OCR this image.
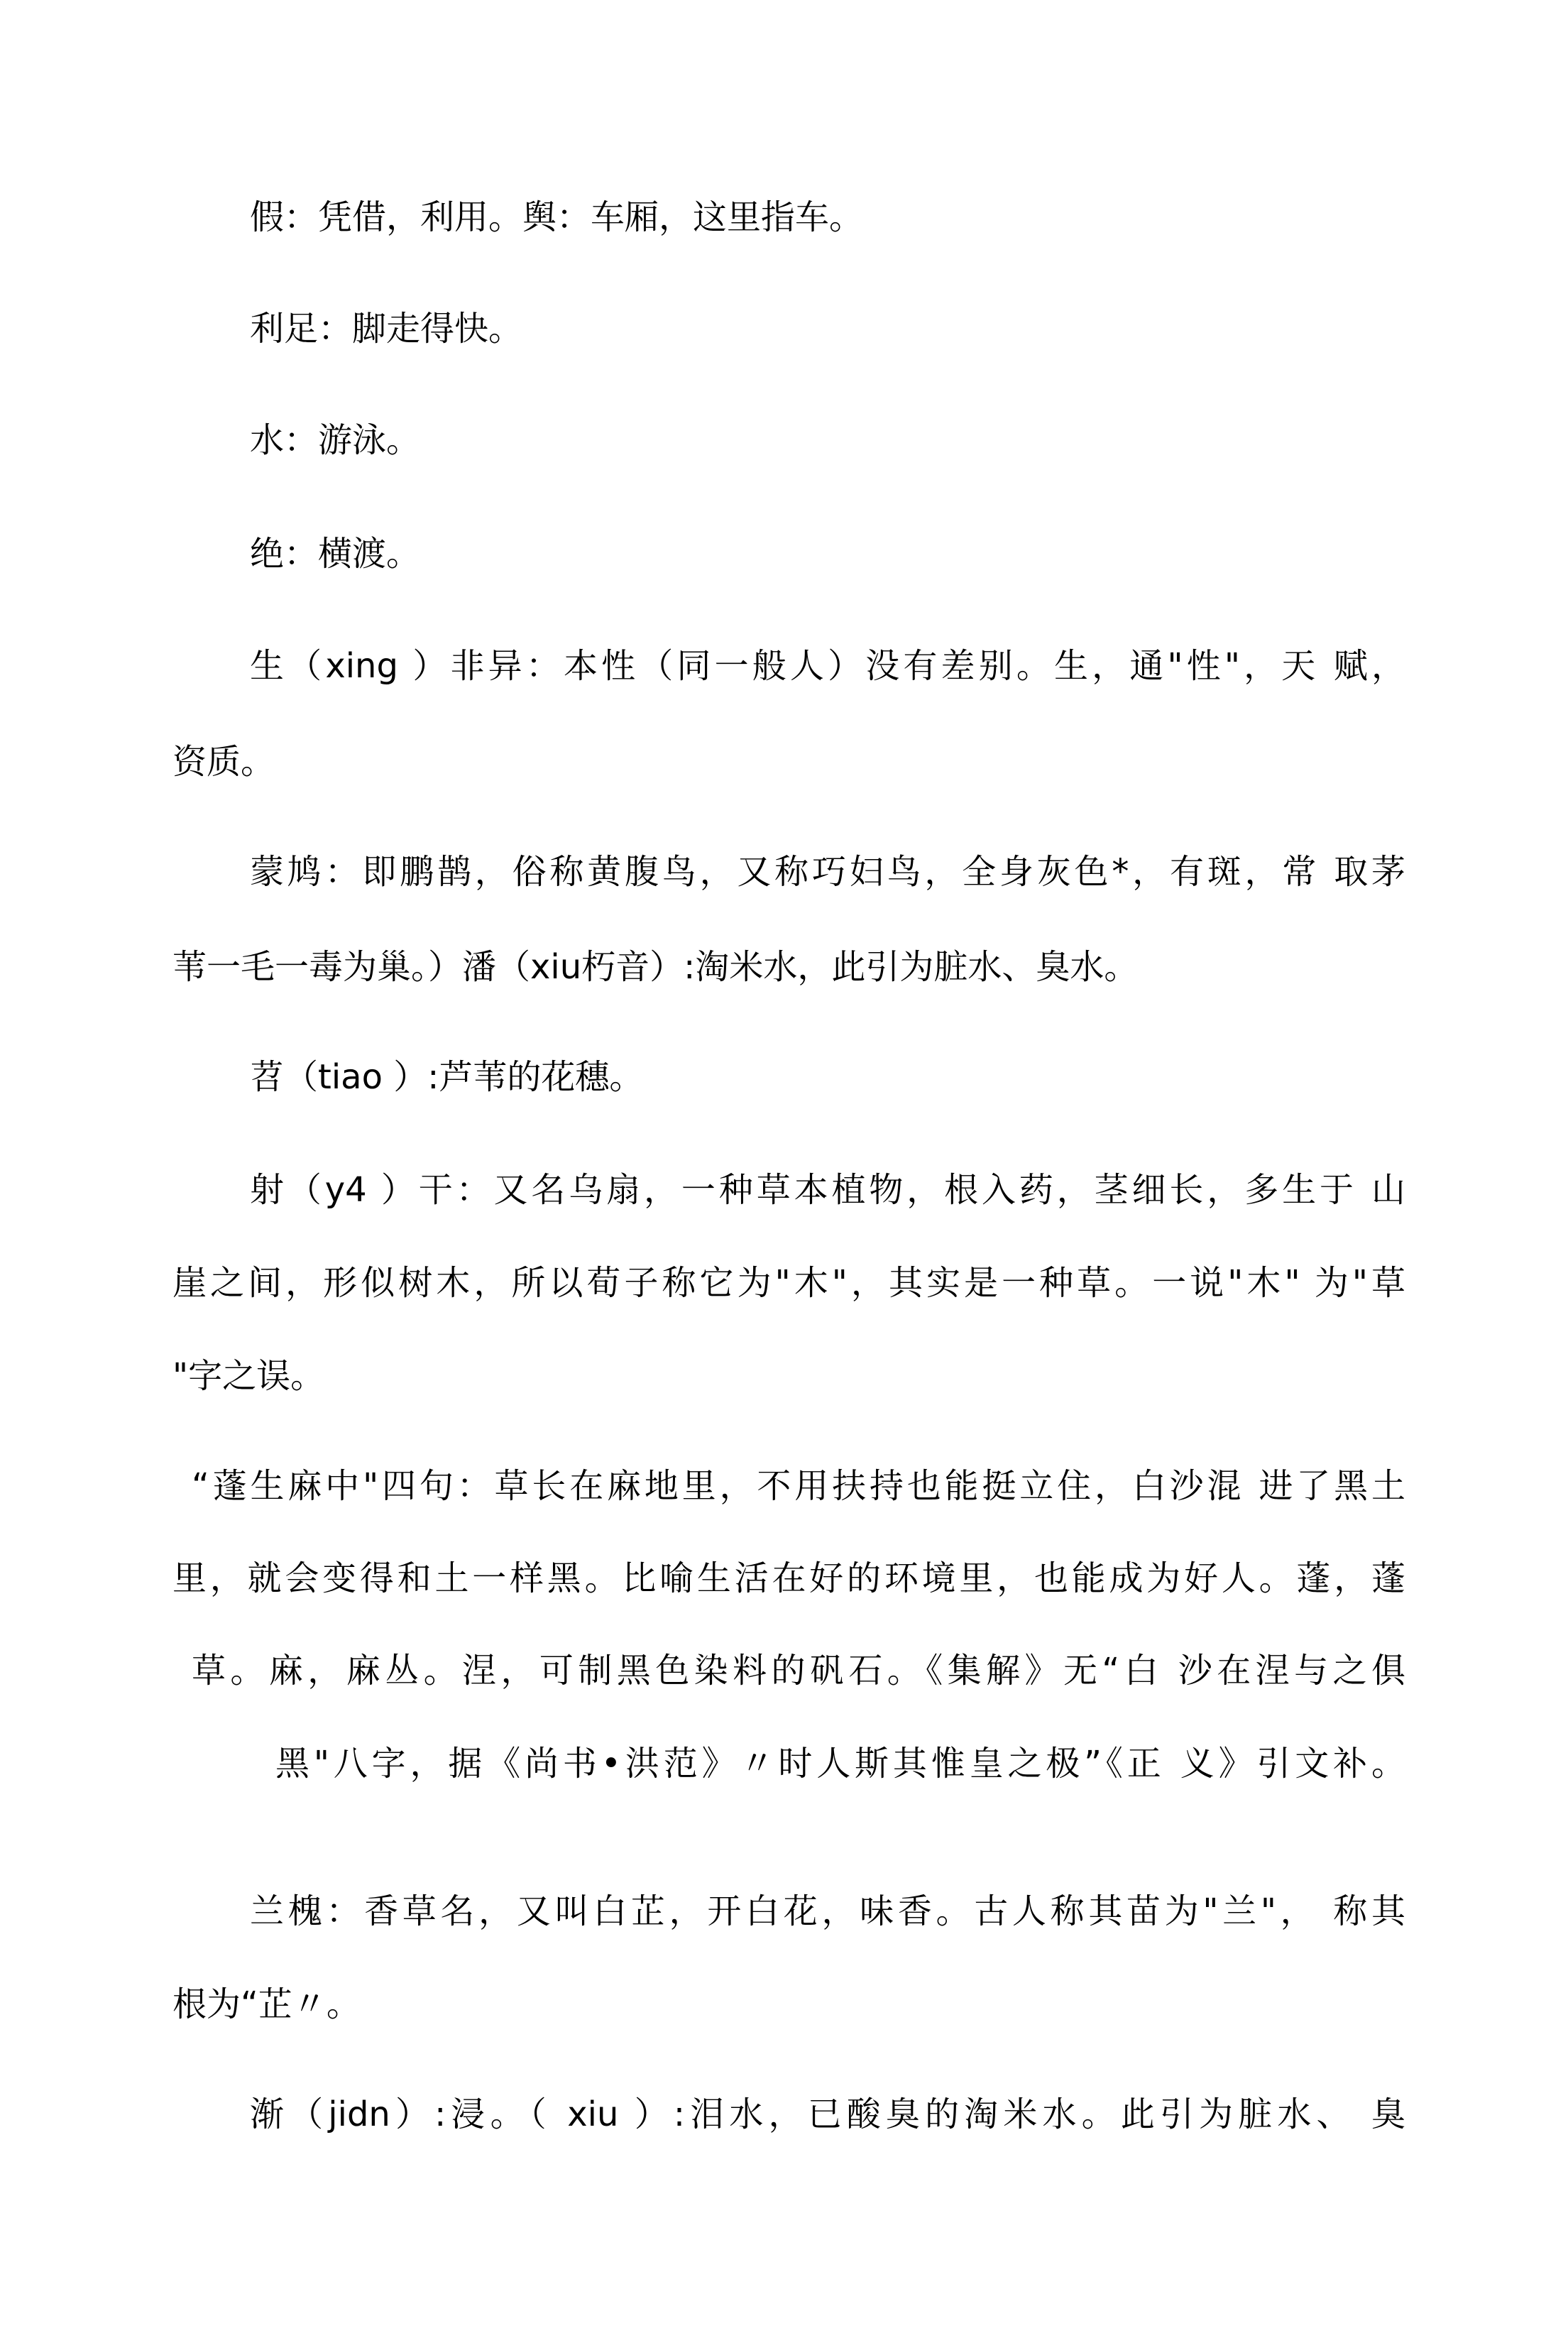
假：凭借，利用。舆：车厢，这里指车。
利足：脚走得快。
水：游泳。
绝：横渡。
生（xing ）非异：本性（同一般人）没有差别。生，通"性"，天 赋，
资质。
蒙鸠：即鹏鹊，俗称黄腹鸟，又称巧妇鸟，全身灰色*，有斑，常 取茅
苇一毛一毒为巢。）潘（xiu朽音）:淘米水，此引为脏水、臭水。
苕（tiao ）:芦苇的花穗。
射（y4 ）干：又名乌扇，一种草本植物，根入药，茎细长，多生于 山
崖之间，形似树木，所以荀子称它为"木"，其实是一种草。一说"木" 为"草
"字之误。
“蓬生麻中"四句：草长在麻地里，不用扶持也能挺立住，白沙混 进了黑土
里，就会变得和土一样黑。比喻生活在好的环境里，也能成为好人。蓬，蓬
草。麻，麻丛。涅，可制黑色染料的矾石。《集解》无“白 沙在涅与之俱
黑"八字，据《尚书•洪范》〃时人斯其惟皇之极”《正 义》引文补。
兰槐：香草名，又叫白芷，开白花，味香。古人称其苗为"兰"， 称其
根为“芷〃。
渐（jidn）:浸。（ xiu ）:泪水，已酸臭的淘米水。此引为脏水、 臭
